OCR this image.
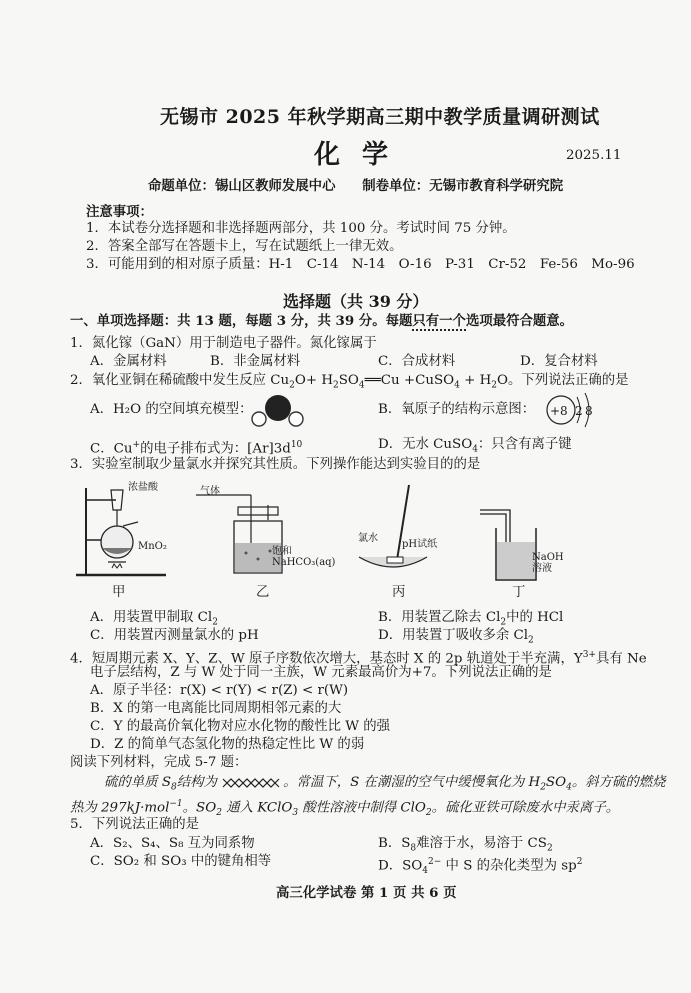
无锡市 2025 年秋学期高三期中教学质量调研测试
化学	2025.11
命题单位：锡山区教师发展中心　　制卷单位：无锡市教育科学研究院
注意事项：
1．本试卷分选择题和非选择题两部分，共 100 分。考试时间 75 分钟。
2．答案全部写在答题卡上，写在试题纸上一律无效。
3．可能用到的相对原子质量：H-1　C-14　N-14　O-16　P-31　Cr-52　Fe-56　Mo-96
选择题（共 39 分）
一、单项选择题：共 13 题，每题 3 分，共 39 分。每题只有一个选项最符合题意。
1．氮化镓（GaN）用于制造电子器件。氮化镓属于
A．金属材料	B．非金属材料	C．合成材料	D．复合材料
2．氧化亚铜在稀硫酸中发生反应 $Cu_2O+$ $H_2SO_4══Cu$ +CuSO$_4$ + $H_2O$。下列说法正确的是
A．H₂O 的空间填充模型：	B．氧原子的结构示意图： +8 2 8
C．Cu+的电子排布式为：$[Ar]3d^{10}$	D．无水 CuSO$_4$：只含有离子键
3．实验室制取少量氯水并探究其性质。下列操作能达到实验目的的是
浓盐酸
MnO₂
气体
饱和
NaHCO₃(aq)
氯水
pH试纸
NaOH
溶液
甲	乙	丙	丁
A．用装置甲制取 $Cl_2$	B．用装置乙除去 $Cl_2$中的 HCl
C．用装置丙测量氯水的 pH	D．用装置丁吸收多余 $Cl_2$
4．短周期元素 X、Y、Z、W 原子序数依次增大，基态时 X 的 2p 轨道处于半充满，$Y^{3+}$具有 Ne
电子层结构，Z 与 W 处于同一主族，W 元素最高价为+7。下列说法正确的是
A．原子半径：r(X) < r(Y) < r(Z) < r(W)
B．X 的第一电离能比同周期相邻元素的大
C．Y 的最高价氧化物对应水化物的酸性比 W 的强
D．Z 的简单气态氢化物的热稳定性比 W 的弱
阅读下列材料，完成 5-7 题：
硫的单质 $S_8$结构为	。常温下，S 在潮湿的空气中缓慢氧化为 $H_2SO_4$。斜方硫的燃烧
热为 297kJ·mol$^{-1}$。$SO_2$ 通入 KClO$_3$ 酸性溶液中制得 ClO$_2$。硫化亚铁可除废水中汞离子。
5．下列说法正确的是
A．S₂、S₄、S₈ 互为同系物	B．$S_8$难溶于水，易溶于 $CS_2$
C．SO₂ 和 SO₃ 中的键角相等	D．$SO_4^{2-}$ 中 S 的杂化类型为 $sp^2$
高三化学试卷 第 1 页 共 6 页
